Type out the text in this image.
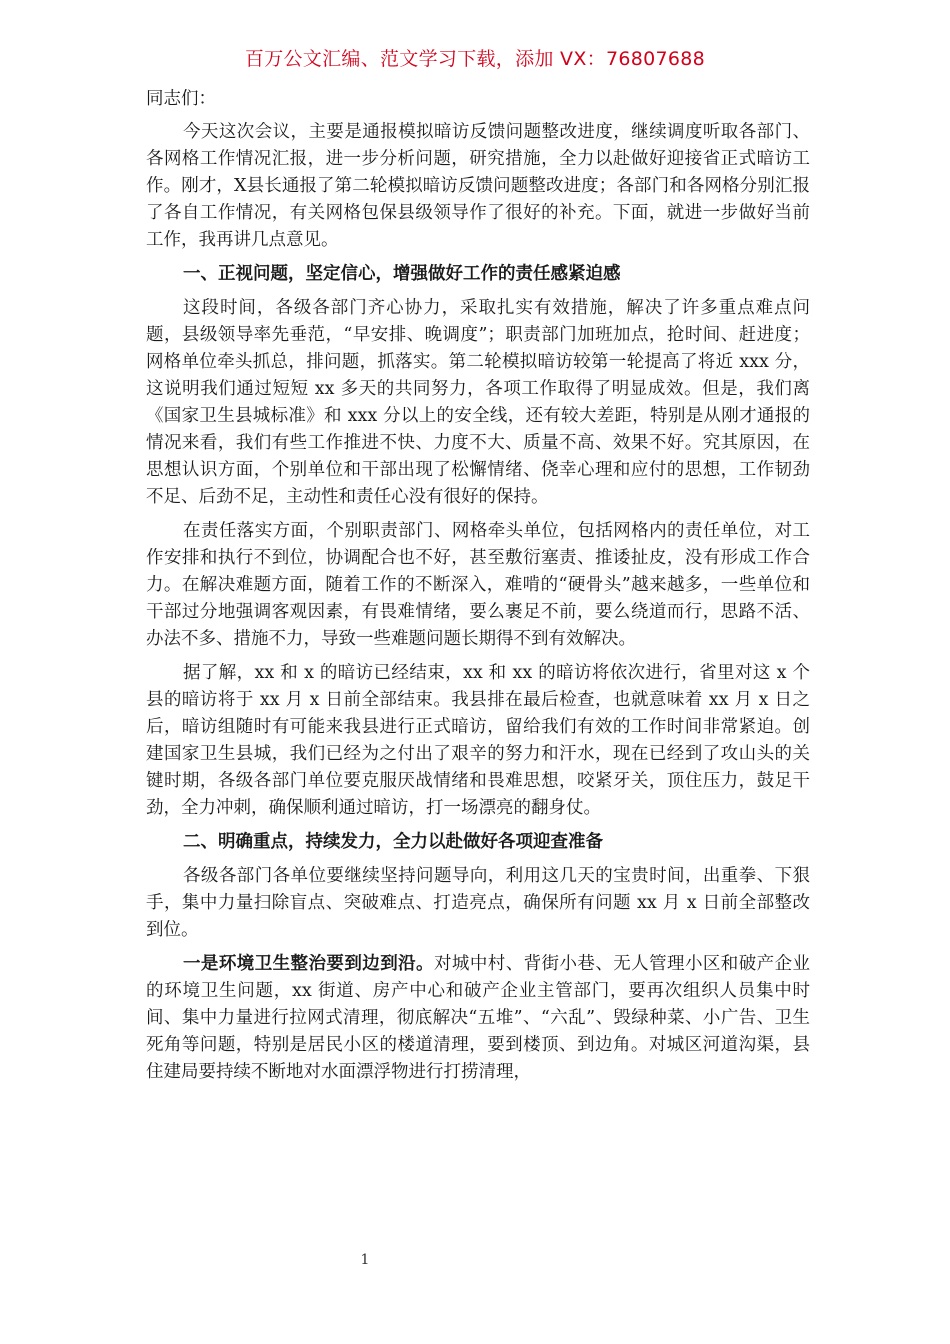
百万公文汇编、范文学习下载，添加 VX：76807688

同志们：

今天这次会议，主要是通报模拟暗访反馈问题整改进度，继续调度听取各部门、各网格工作情况汇报，进一步分析问题，研究措施，全力以赴做好迎接省正式暗访工作。刚才，X县长通报了第二轮模拟暗访反馈问题整改进度；各部门和各网格分别汇报了各自工作情况，有关网格包保县级领导作了很好的补充。下面，就进一步做好当前工作，我再讲几点意见。

一、正视问题，坚定信心，增强做好工作的责任感紧迫感

这段时间，各级各部门齐心协力，采取扎实有效措施，解决了许多重点难点问题，县级领导率先垂范，“早安排、晚调度”；职责部门加班加点，抢时间、赶进度；网格单位牵头抓总，排问题，抓落实。第二轮模拟暗访较第一轮提高了将近 xxx 分，这说明我们通过短短 xx 多天的共同努力，各项工作取得了明显成效。但是，我们离《国家卫生县城标准》和 xxx 分以上的安全线，还有较大差距，特别是从刚才通报的情况来看，我们有些工作推进不快、力度不大、质量不高、效果不好。究其原因，在思想认识方面，个别单位和干部出现了松懈情绪、侥幸心理和应付的思想，工作韧劲不足、后劲不足，主动性和责任心没有很好的保持。

在责任落实方面，个别职责部门、网格牵头单位，包括网格内的责任单位，对工作安排和执行不到位，协调配合也不好，甚至敷衍塞责、推诿扯皮，没有形成工作合力。在解决难题方面，随着工作的不断深入，难啃的“硬骨头”越来越多，一些单位和干部过分地强调客观因素，有畏难情绪，要么裹足不前，要么绕道而行，思路不活、办法不多、措施不力，导致一些难题问题长期得不到有效解决。

据了解，xx 和 x 的暗访已经结束，xx 和 xx 的暗访将依次进行，省里对这 x 个县的暗访将于 xx 月 x 日前全部结束。我县排在最后检查，也就意味着 xx 月 x 日之后，暗访组随时有可能来我县进行正式暗访，留给我们有效的工作时间非常紧迫。创建国家卫生县城，我们已经为之付出了艰辛的努力和汗水，现在已经到了攻山头的关键时期，各级各部门单位要克服厌战情绪和畏难思想，咬紧牙关，顶住压力，鼓足干劲，全力冲刺，确保顺利通过暗访，打一场漂亮的翻身仗。

二、明确重点，持续发力，全力以赴做好各项迎查准备

各级各部门各单位要继续坚持问题导向，利用这几天的宝贵时间，出重拳、下狠手，集中力量扫除盲点、突破难点、打造亮点，确保所有问题 xx 月 x 日前全部整改到位。

一是环境卫生整治要到边到沿。对城中村、背街小巷、无人管理小区和破产企业的环境卫生问题，xx 街道、房产中心和破产企业主管部门，要再次组织人员集中时间、集中力量进行拉网式清理，彻底解决“五堆”、“六乱”、毁绿种菜、小广告、卫生死角等问题，特别是居民小区的楼道清理，要到楼顶、到边角。对城区河道沟渠，县住建局要持续不断地对水面漂浮物进行打捞清理，

1
